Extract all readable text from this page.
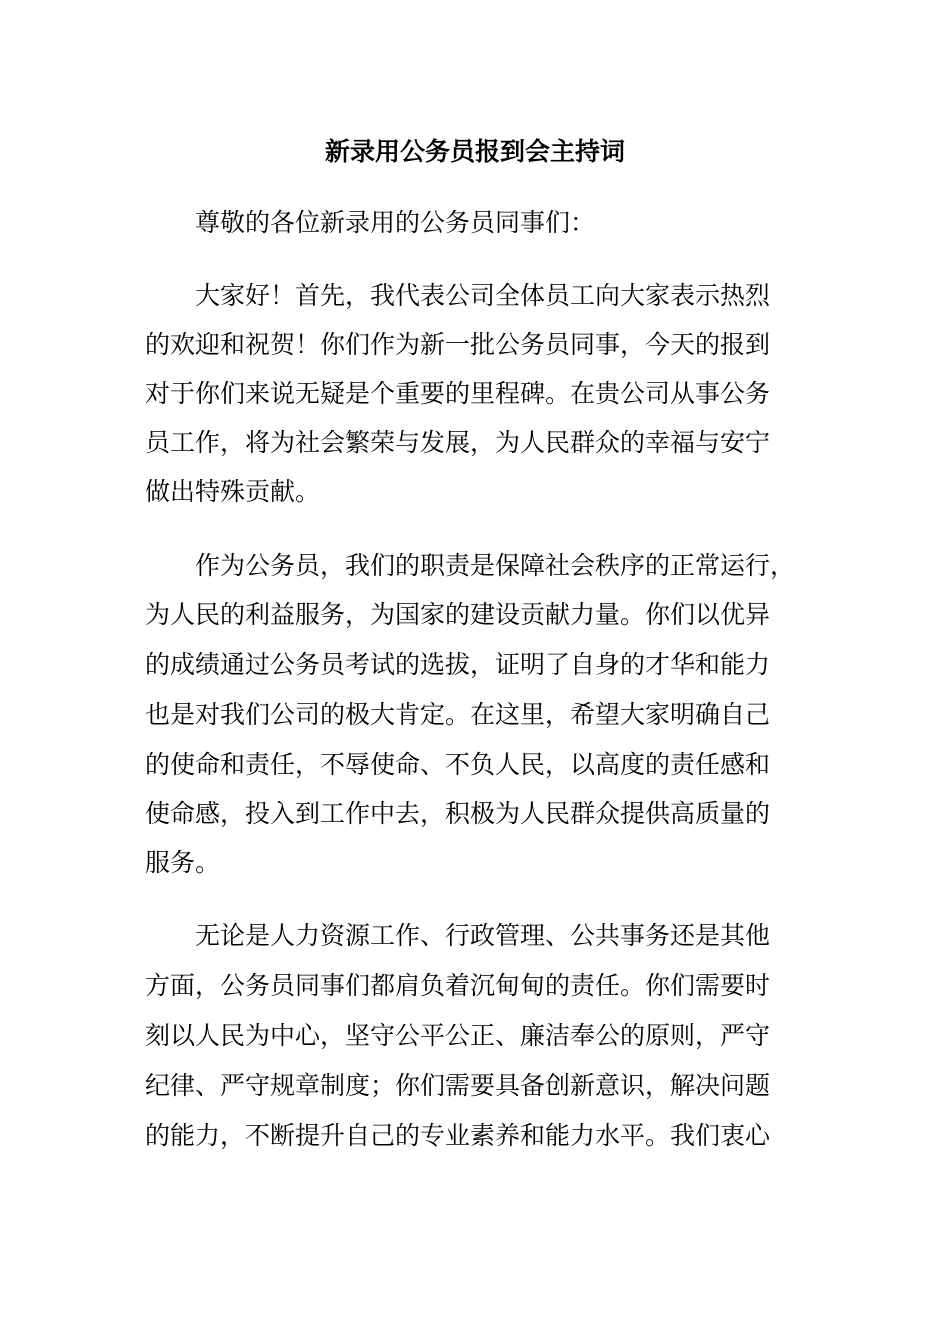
新录用公务员报到会主持词

尊敬的各位新录用的公务员同事们：

大家好！首先，我代表公司全体员工向大家表示热烈

的欢迎和祝贺！你们作为新一批公务员同事，今天的报到

对于你们来说无疑是个重要的里程碑。在贵公司从事公务

员工作，将为社会繁荣与发展，为人民群众的幸福与安宁

做出特殊贡献。

作为公务员，我们的职责是保障社会秩序的正常运行，

为人民的利益服务，为国家的建设贡献力量。你们以优异

的成绩通过公务员考试的选拔，证明了自身的才华和能力

也是对我们公司的极大肯定。在这里，希望大家明确自己

的使命和责任，不辱使命、不负人民，以高度的责任感和

使命感，投入到工作中去，积极为人民群众提供高质量的

服务。

无论是人力资源工作、行政管理、公共事务还是其他

方面，公务员同事们都肩负着沉甸甸的责任。你们需要时

刻以人民为中心，坚守公平公正、廉洁奉公的原则，严守

纪律、严守规章制度；你们需要具备创新意识，解决问题

的能力，不断提升自己的专业素养和能力水平。我们衷心
